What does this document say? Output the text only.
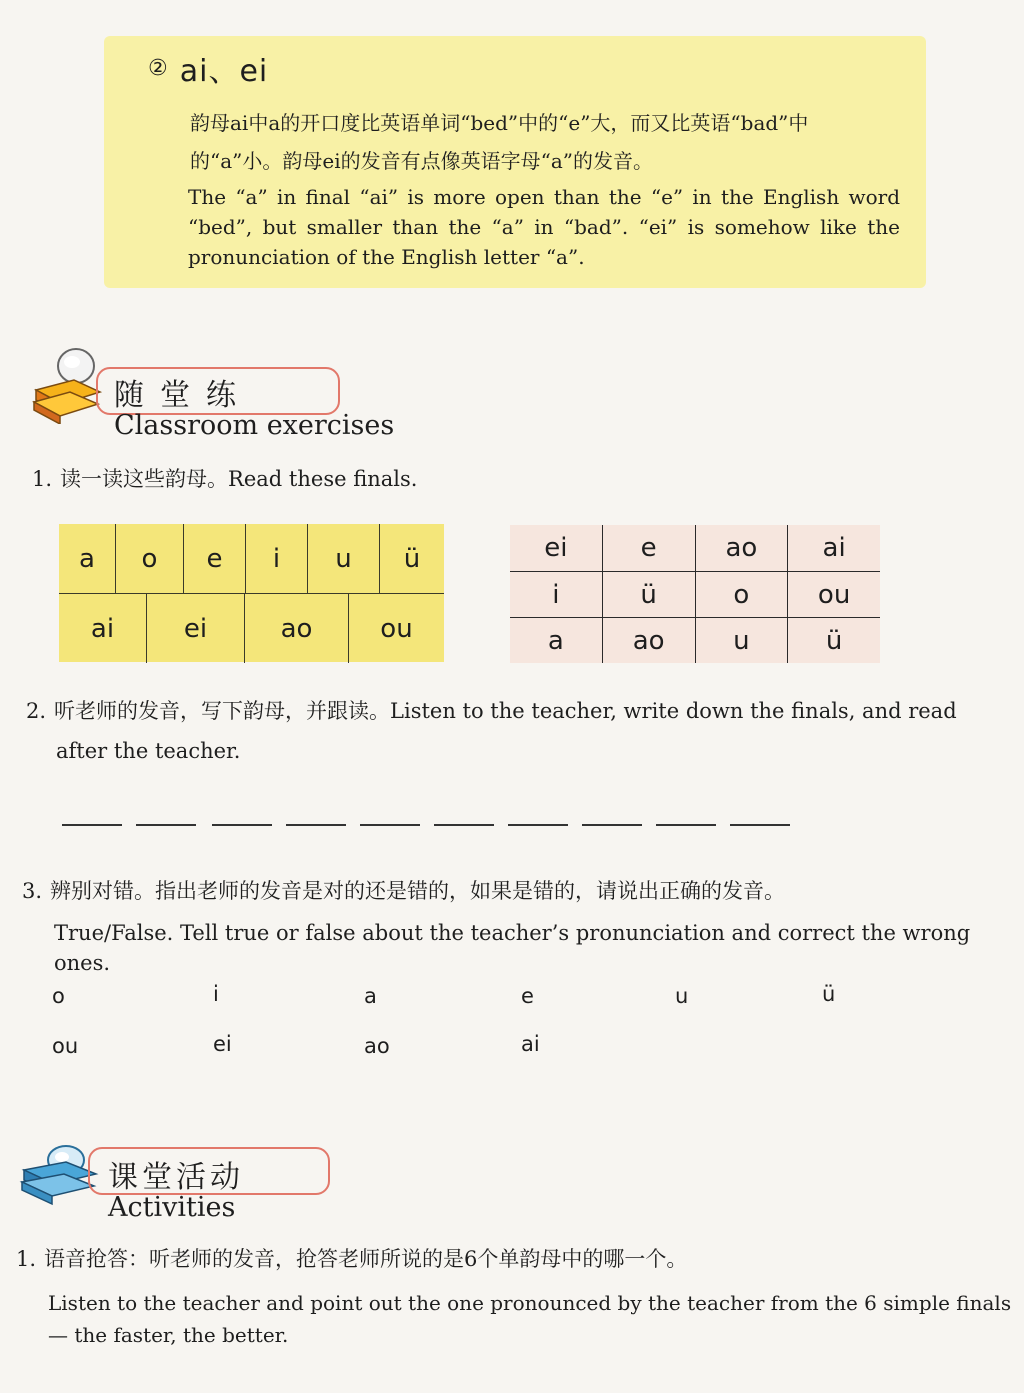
② ai、ei
韵母ai中a的开口度比英语单词“bed”中的“e”大，而又比英语“bad”中的“a”小。韵母ei的发音有点像英语字母“a”的发音。
The “a” in final “ai” is more open than the “e” in the English word “bed”, but smaller than the “a” in “bad”. “ei” is somehow like the pronunciation of the English letter “a”.
随堂练
Classroom exercises
1. 读一读这些韵母。Read these finals.
a	o	e	i	u	ü
ai	ei	ao	ou
ei	e	ao	ai
i	ü	o	ou
a	ao	u	ü
2. 听老师的发音，写下韵母，并跟读。Listen to the teacher, write down the finals, and read
after the teacher.
3. 辨别对错。指出老师的发音是对的还是错的，如果是错的，请说出正确的发音。
True/False. Tell true or false about the teacher’s pronunciation and correct the wrong ones.
o	i	a	e	u	ü
ou	ei	ao	ai
课堂活动
Activities
1. 语音抢答：听老师的发音，抢答老师所说的是6个单韵母中的哪一个。
Listen to the teacher and point out the one pronounced by the teacher from the 6 simple finals
— the faster, the better.
